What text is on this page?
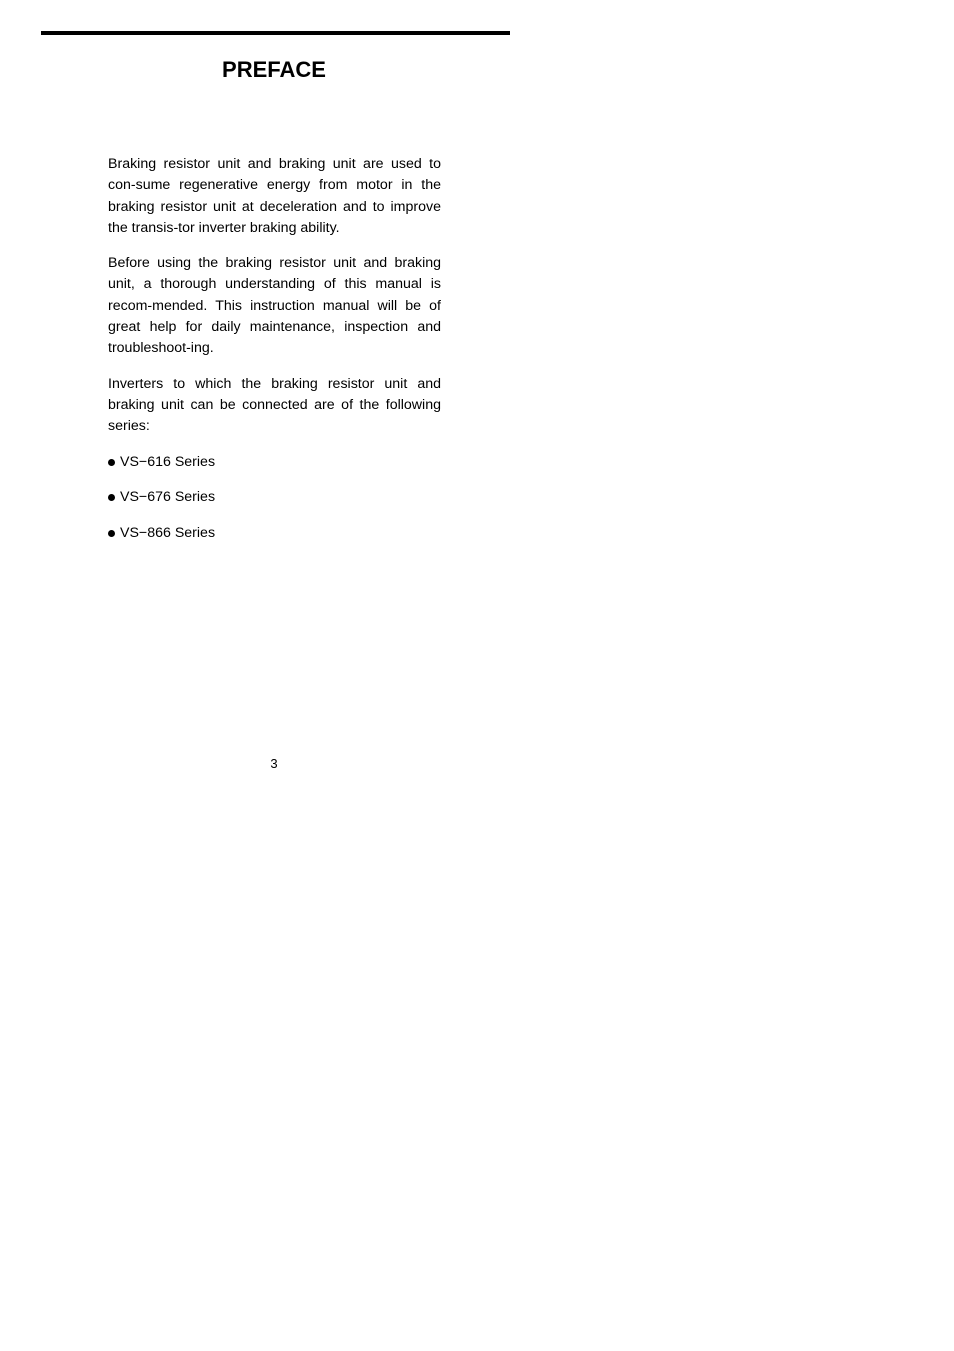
PREFACE

Braking resistor unit and braking unit are used to con-sume regenerative energy from motor in the braking resistor unit at deceleration and to improve the transis-tor inverter braking ability.

Before using the braking resistor unit and braking unit, a thorough understanding of this manual is recom-mended. This instruction manual will be of great help for daily maintenance, inspection and troubleshoot-ing.

Inverters to which the braking resistor unit and braking unit can be connected are of the following series:

VS−616 Series
VS−676 Series
VS−866 Series
3
